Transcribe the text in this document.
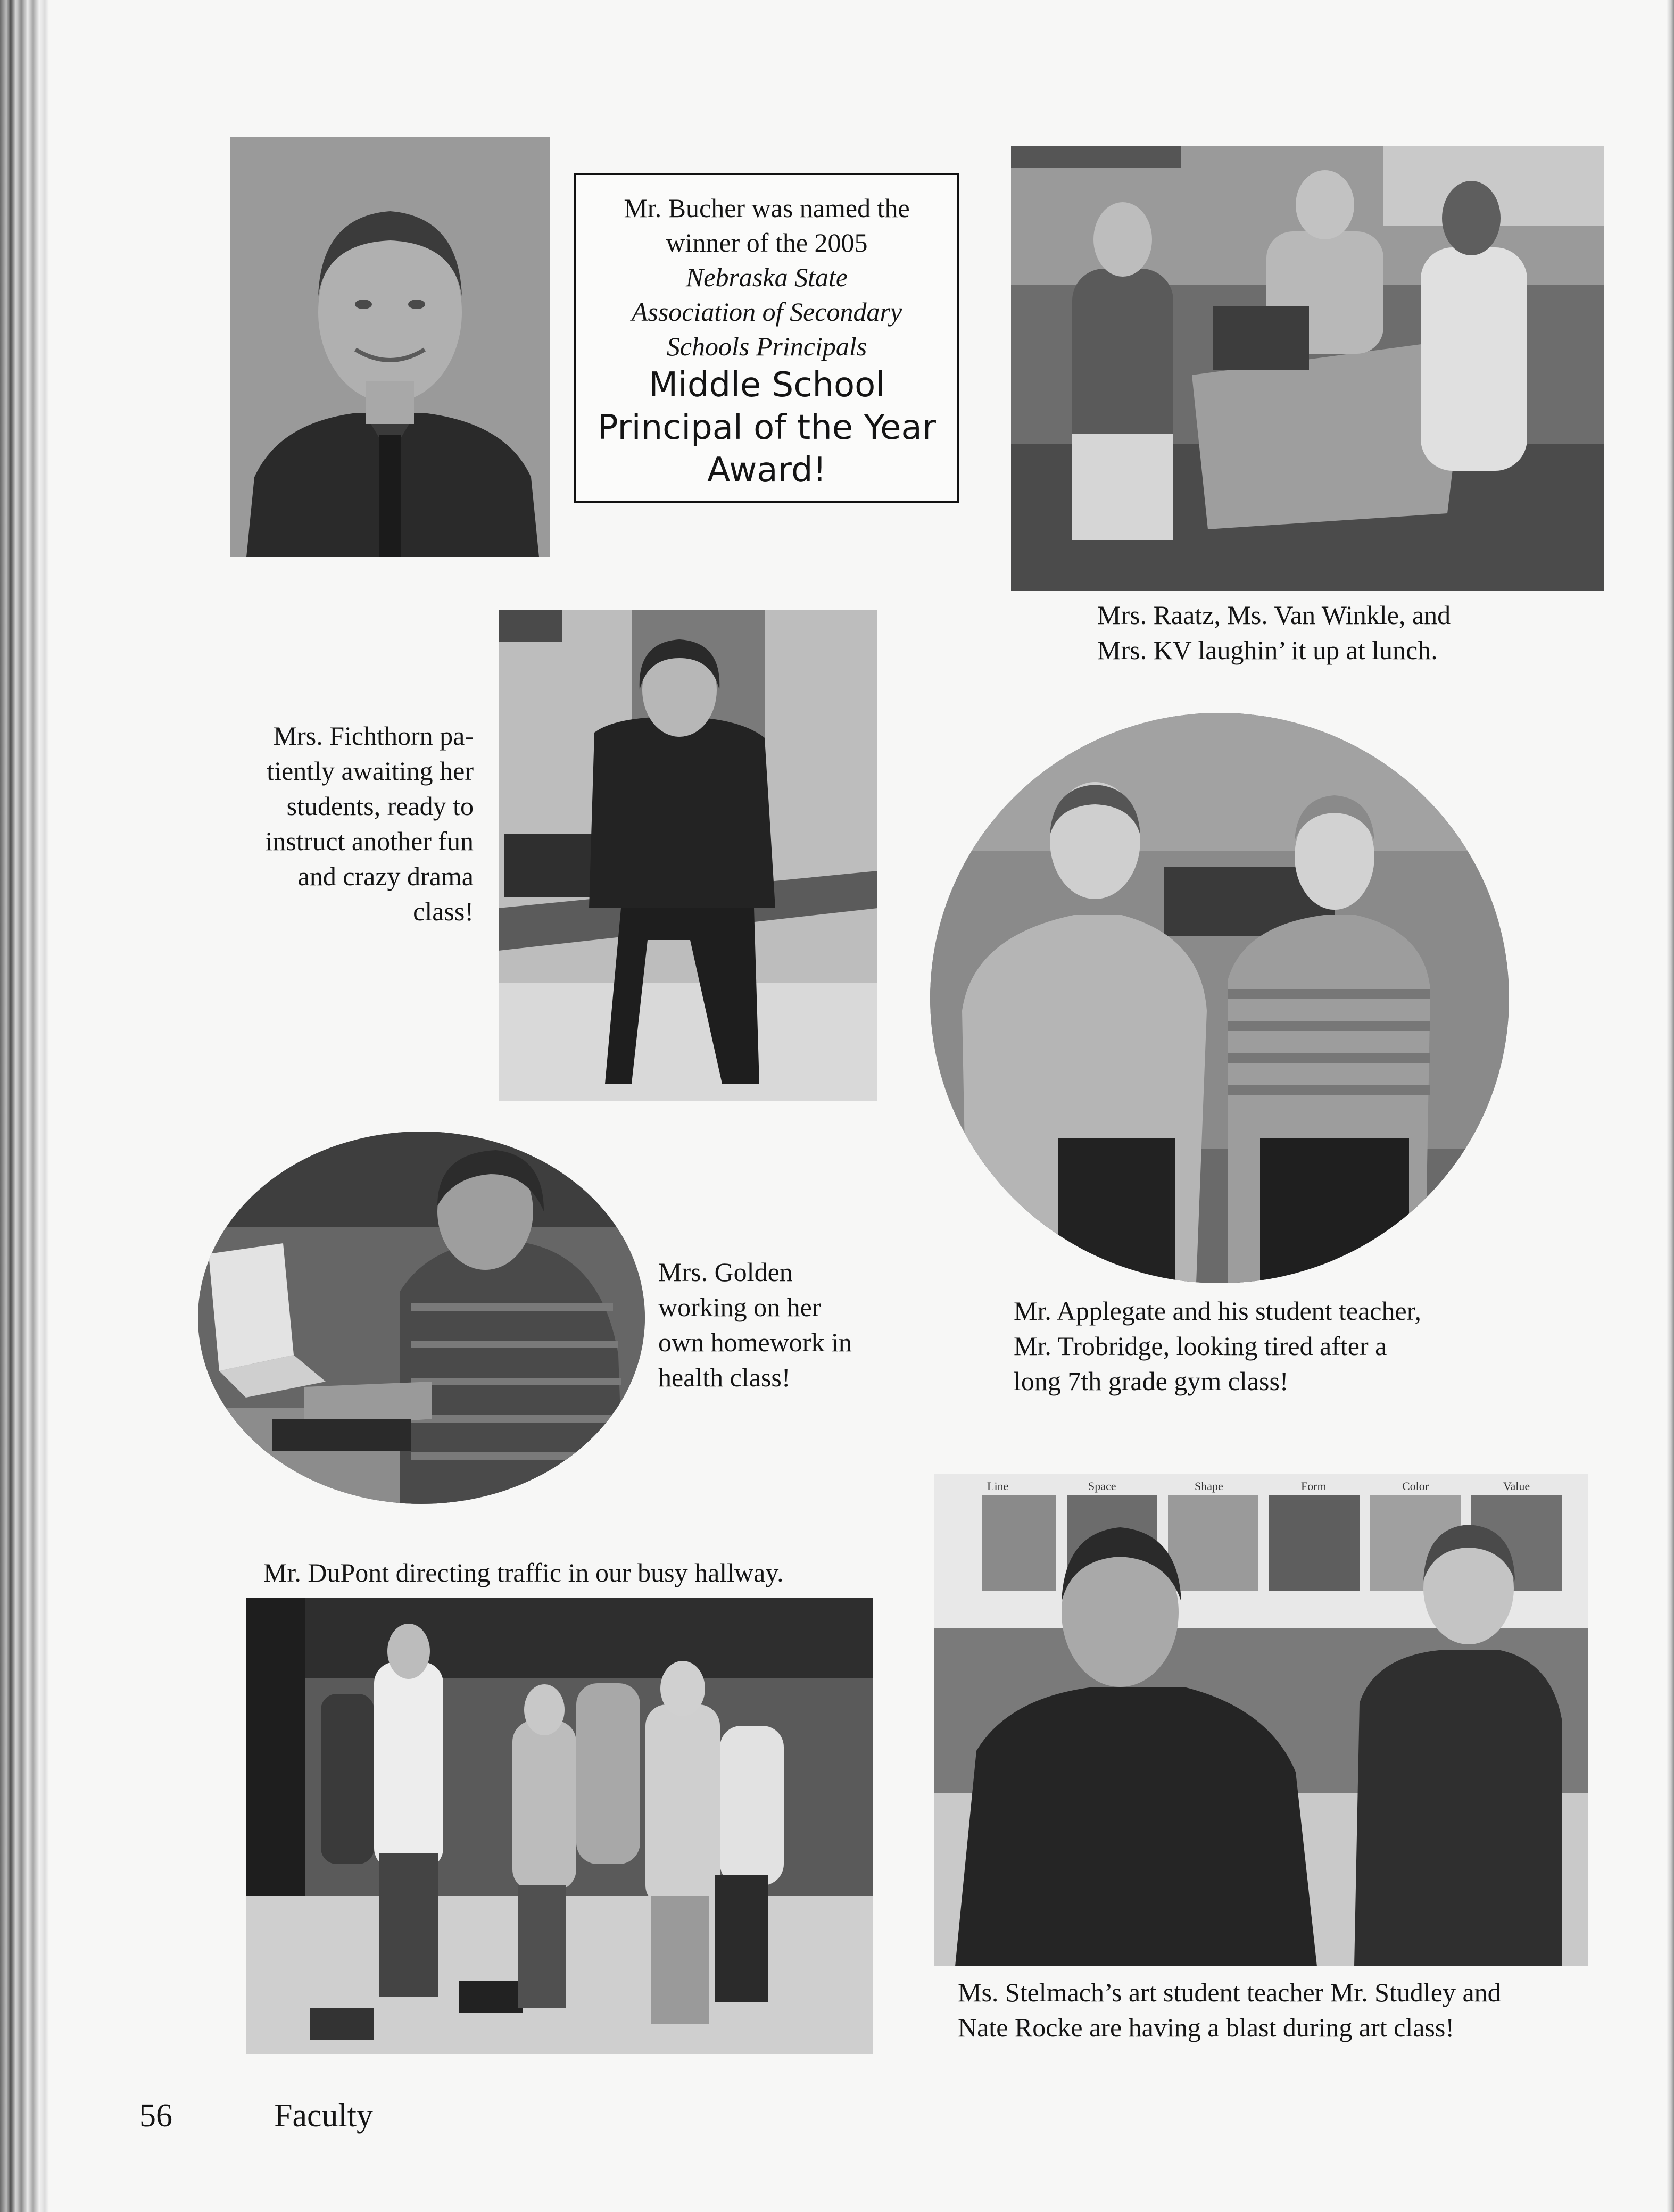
Mr. Bucher was named the
winner of the 2005
Nebraska State
Association of Secondary
Schools Principals
Middle School
Principal of the Year
Award!
Mrs. Raatz, Ms. Van Winkle, and
Mrs. KV laughin’ it up at lunch.
Mrs. Fichthorn pa-
tiently awaiting her
students, ready to
instruct another fun
and crazy drama
class!
Mr. Applegate and his student teacher,
Mr. Trobridge, looking tired after a
long 7th grade gym class!
Mrs. Golden
working on her
own homework in
health class!
Mr. DuPont directing traffic in our busy hallway.
Line	Space	Shape	Form	Color	Value
Ms. Stelmach’s art student teacher Mr. Studley and
Nate Rocke are having a blast during art class!
56	Faculty
